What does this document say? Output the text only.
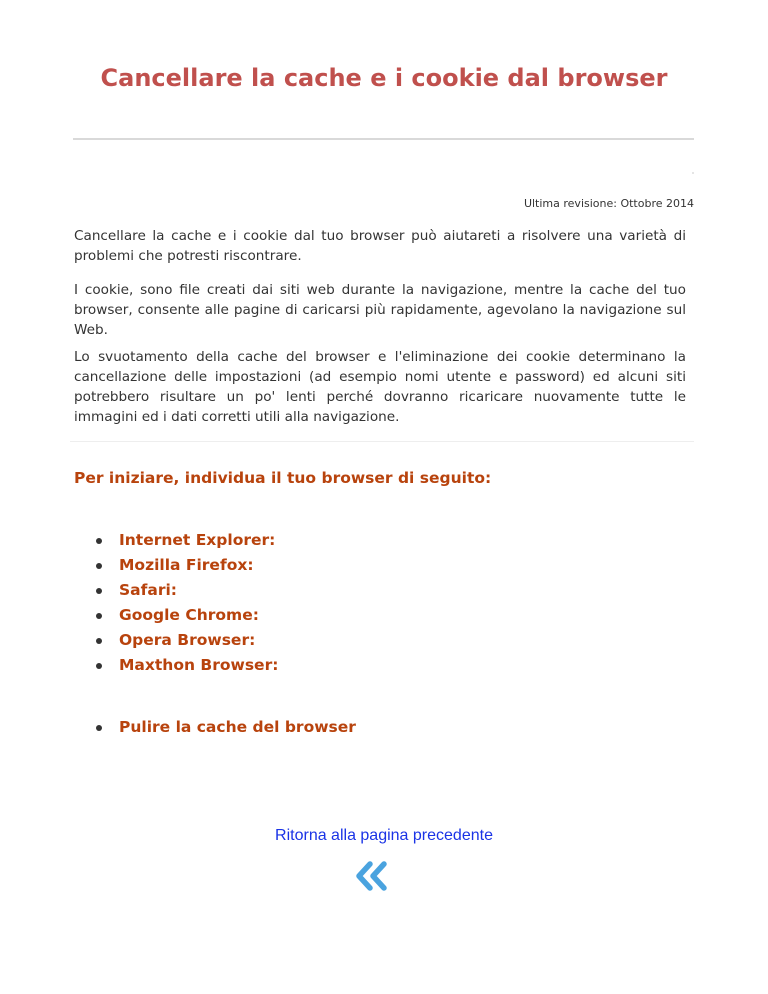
Cancellare la cache e i cookie dal browser
Ultima revisione: Ottobre 2014

Cancellare la cache e i cookie dal tuo browser può aiutareti a risolvere una varietà di problemi che potresti riscontrare.

I cookie, sono file creati dai siti web durante la navigazione, mentre la cache del tuo browser, consente alle pagine di caricarsi più rapidamente, agevolano la navigazione sul Web.

Lo svuotamento della cache del browser e l'eliminazione dei cookie determinano la cancellazione delle impostazioni (ad esempio nomi utente e password) ed alcuni siti potrebbero risultare un po' lenti perché dovranno ricaricare nuovamente tutte le immagini ed i dati corretti utili alla navigazione.

Per iniziare, individua il tuo browser di seguito:
Internet Explorer:
Mozilla Firefox:
Safari:
Google Chrome:
Opera Browser:
Maxthon Browser:
Pulire la cache del browser
Ritorna alla pagina precedente
